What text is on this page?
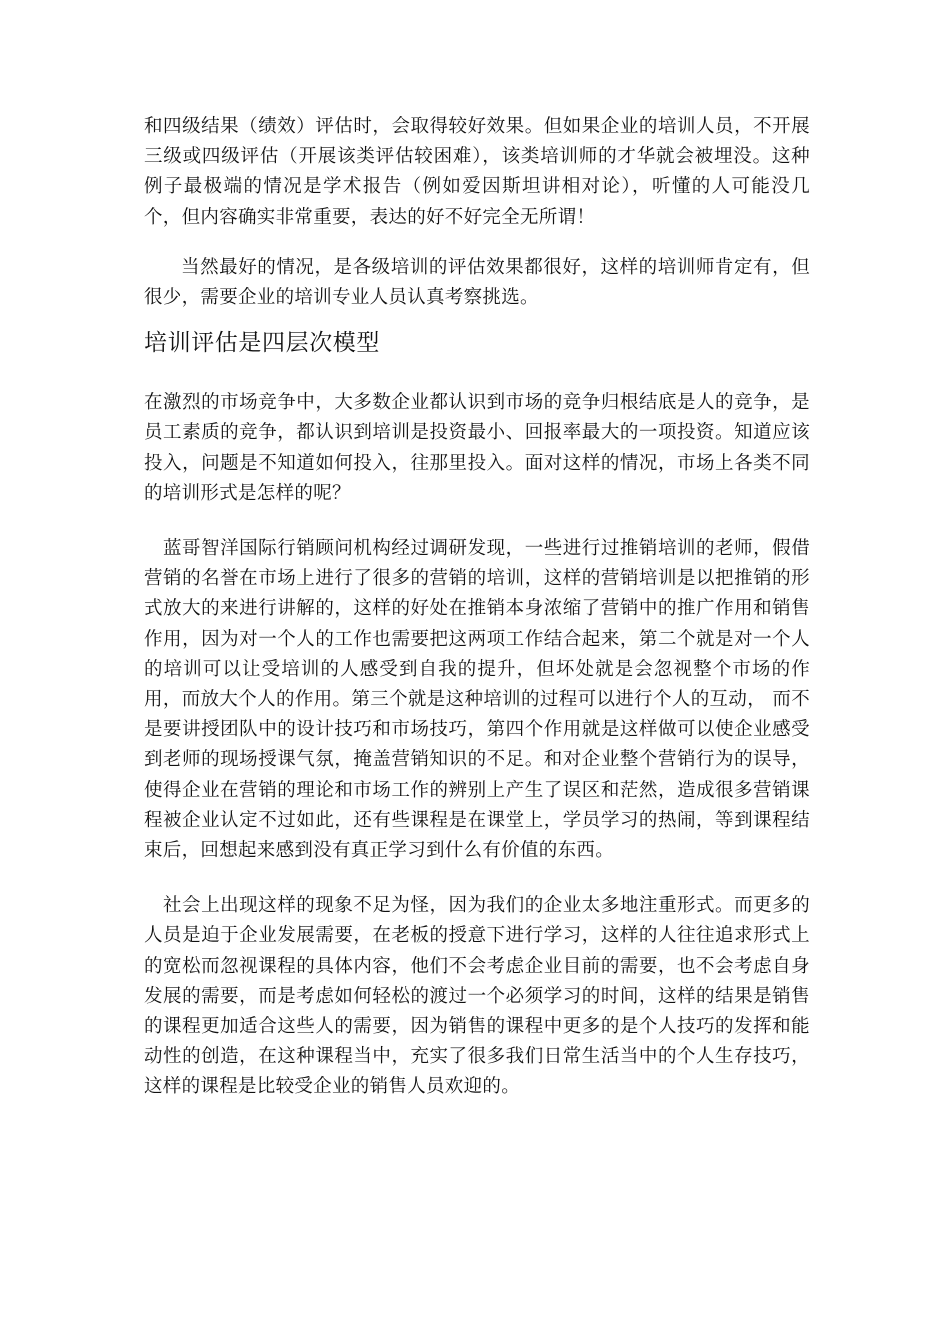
和四级结果（绩效）评估时，会取得较好效果。但如果企业的培训人员，不开展三级或四级评估（开展该类评估较困难），该类培训师的才华就会被埋没。这种例子最极端的情况是学术报告（例如爱因斯坦讲相对论），听懂的人可能没几个，但内容确实非常重要，表达的好不好完全无所谓！

当然最好的情况，是各级培训的评估效果都很好，这样的培训师肯定有，但很少，需要企业的培训专业人员认真考察挑选。

培训评估是四层次模型

在激烈的市场竞争中，大多数企业都认识到市场的竞争归根结底是人的竞争，是员工素质的竞争，都认识到培训是投资最小、回报率最大的一项投资。知道应该投入，问题是不知道如何投入，往那里投入。面对这样的情况，市场上各类不同的培训形式是怎样的呢？

蓝哥智洋国际行销顾问机构经过调研发现，一些进行过推销培训的老师，假借营销的名誉在市场上进行了很多的营销的培训，这样的营销培训是以把推销的形式放大的来进行讲解的，这样的好处在推销本身浓缩了营销中的推广作用和销售作用，因为对一个人的工作也需要把这两项工作结合起来，第二个就是对一个人的培训可以让受培训的人感受到自我的提升，但坏处就是会忽视整个市场的作用，而放大个人的作用。第三个就是这种培训的过程可以进行个人的互动， 而不是要讲授团队中的设计技巧和市场技巧，第四个作用就是这样做可以使企业感受到老师的现场授课气氛，掩盖营销知识的不足。和对企业整个营销行为的误导，使得企业在营销的理论和市场工作的辨别上产生了误区和茫然，造成很多营销课程被企业认定不过如此，还有些课程是在课堂上，学员学习的热闹，等到课程结束后，回想起来感到没有真正学习到什么有价值的东西。

社会上出现这样的现象不足为怪，因为我们的企业太多地注重形式。而更多的人员是迫于企业发展需要，在老板的授意下进行学习，这样的人往往追求形式上的宽松而忽视课程的具体内容，他们不会考虑企业目前的需要，也不会考虑自身发展的需要，而是考虑如何轻松的渡过一个必须学习的时间，这样的结果是销售的课程更加适合这些人的需要，因为销售的课程中更多的是个人技巧的发挥和能动性的创造，在这种课程当中，充实了很多我们日常生活当中的个人生存技巧，这样的课程是比较受企业的销售人员欢迎的。
